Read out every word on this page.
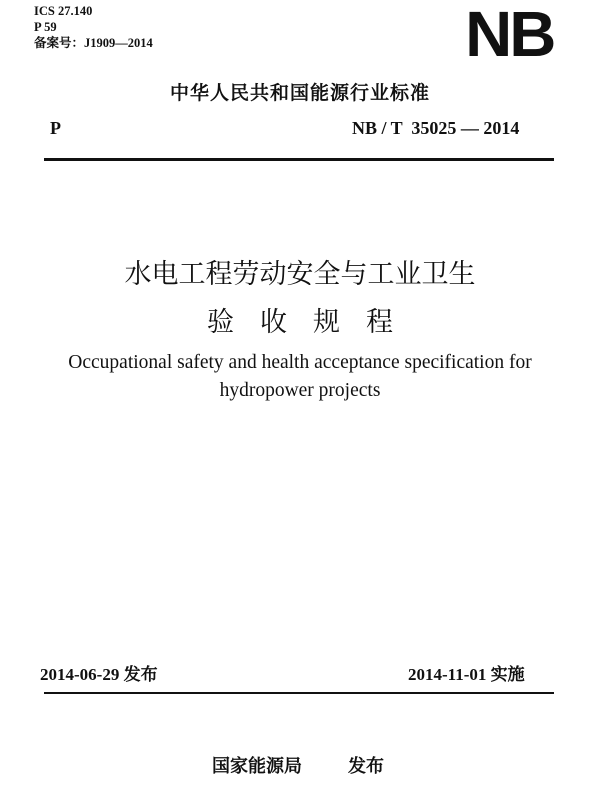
ICS 27.140
P 59
备案号：J1909—2014	NB
中华人民共和国能源行业标准
P	NB / T  35025 — 2014
水电工程劳动安全与工业卫生
验收规程
Occupational safety and health acceptance specification for
hydropower projects
2014-06-29 发布	2014-11-01 实施
国家能源局	发布
